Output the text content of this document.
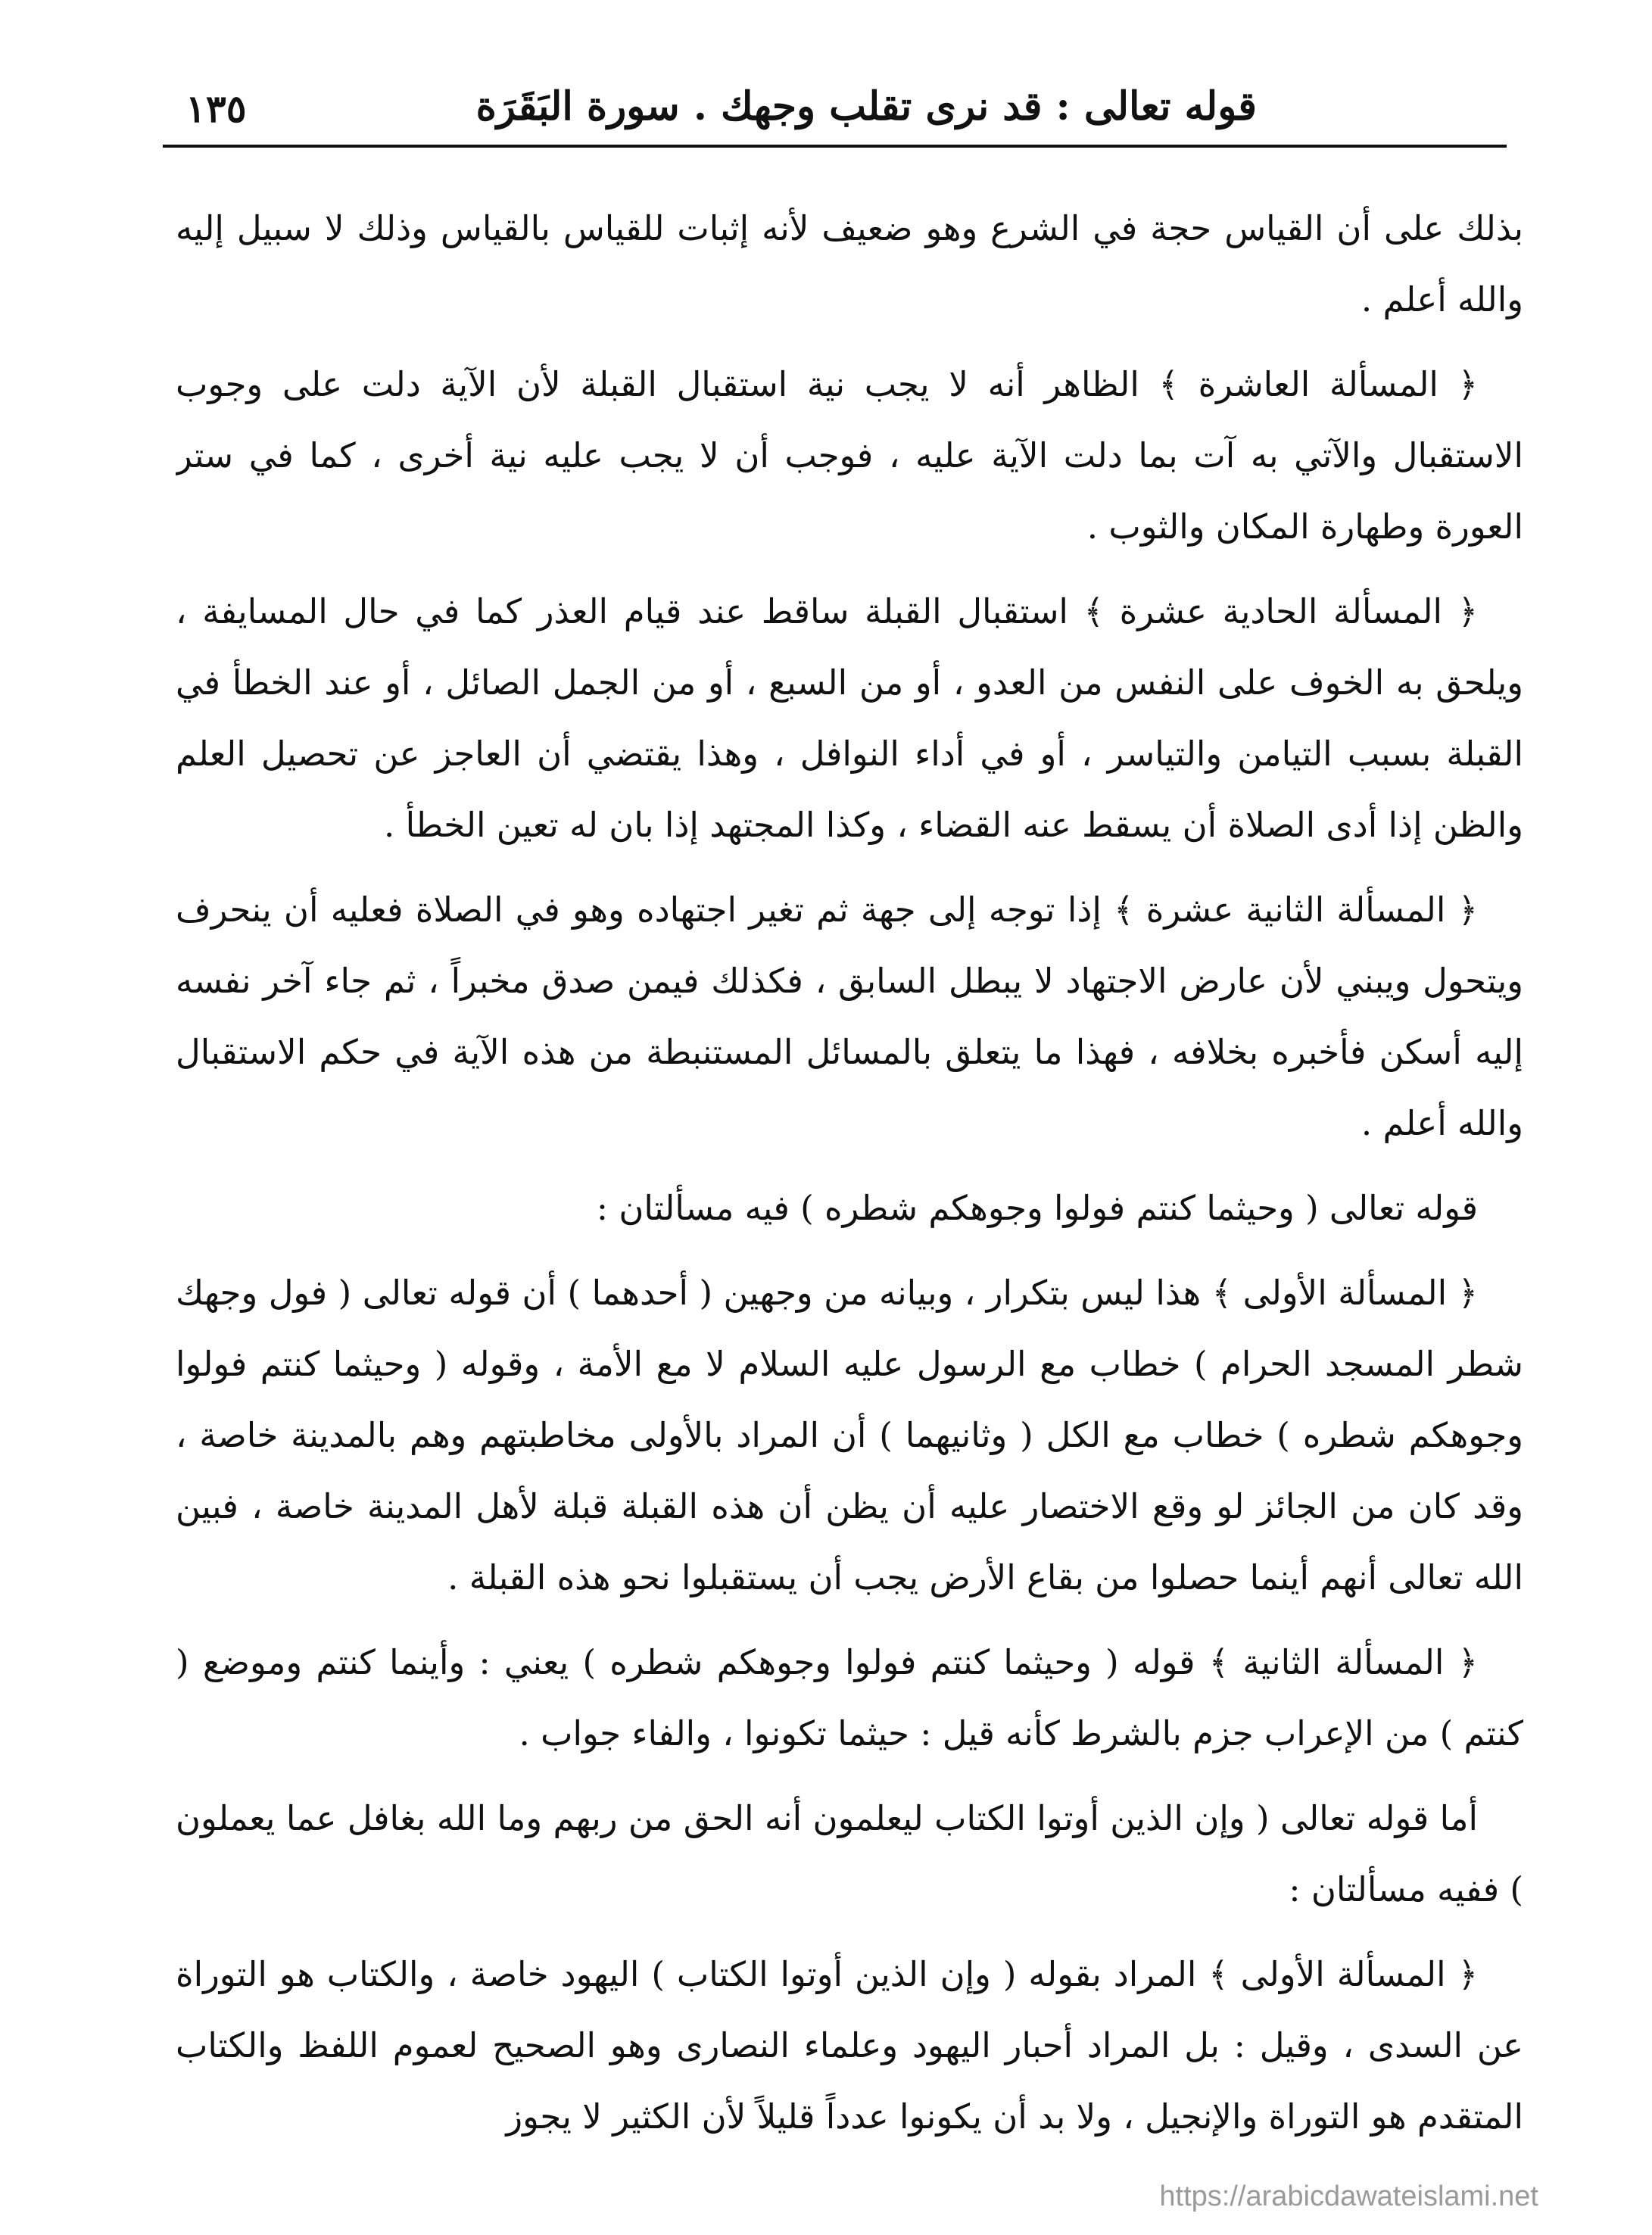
١٣٥	قوله تعالى : قد نرى تقلب وجهك . سورة البَقَرَة

بذلك على أن القياس حجة في الشرع وهو ضعيف لأنه إثبات للقياس بالقياس وذلك لا سبيل إليه والله أعلم .

﴿ المسألة العاشرة ﴾ الظاهر أنه لا يجب نية استقبال القبلة لأن الآية دلت على وجوب الاستقبال والآتي به آت بما دلت الآية عليه ، فوجب أن لا يجب عليه نية أخرى ، كما في ستر العورة وطهارة المكان والثوب .

﴿ المسألة الحادية عشرة ﴾ استقبال القبلة ساقط عند قيام العذر كما في حال المسايفة ، ويلحق به الخوف على النفس من العدو ، أو من السبع ، أو من الجمل الصائل ، أو عند الخطأ في القبلة بسبب التيامن والتياسر ، أو في أداء النوافل ، وهذا يقتضي أن العاجز عن تحصيل العلم والظن إذا أدى الصلاة أن يسقط عنه القضاء ، وكذا المجتهد إذا بان له تعين الخطأ .

﴿ المسألة الثانية عشرة ﴾ إذا توجه إلى جهة ثم تغير اجتهاده وهو في الصلاة فعليه أن ينحرف ويتحول ويبني لأن عارض الاجتهاد لا يبطل السابق ، فكذلك فيمن صدق مخبراً ، ثم جاء آخر نفسه إليه أسكن فأخبره بخلافه ، فهذا ما يتعلق بالمسائل المستنبطة من هذه الآية في حكم الاستقبال والله أعلم .

قوله تعالى ( وحيثما كنتم فولوا وجوهكم شطره ) فيه مسألتان :

﴿ المسألة الأولى ﴾ هذا ليس بتكرار ، وبيانه من وجهين ( أحدهما ) أن قوله تعالى ( فول وجهك شطر المسجد الحرام ) خطاب مع الرسول عليه السلام لا مع الأمة ، وقوله ( وحيثما كنتم فولوا وجوهكم شطره ) خطاب مع الكل ( وثانيهما ) أن المراد بالأولى مخاطبتهم وهم بالمدينة خاصة ، وقد كان من الجائز لو وقع الاختصار عليه أن يظن أن هذه القبلة قبلة لأهل المدينة خاصة ، فبين الله تعالى أنهم أينما حصلوا من بقاع الأرض يجب أن يستقبلوا نحو هذه القبلة .

﴿ المسألة الثانية ﴾ قوله ( وحيثما كنتم فولوا وجوهكم شطره ) يعني : وأينما كنتم وموضع ( كنتم ) من الإعراب جزم بالشرط كأنه قيل : حيثما تكونوا ، والفاء جواب .

أما قوله تعالى ( وإن الذين أوتوا الكتاب ليعلمون أنه الحق من ربهم وما الله بغافل عما يعملون ) ففيه مسألتان :

﴿ المسألة الأولى ﴾ المراد بقوله ( وإن الذين أوتوا الكتاب ) اليهود خاصة ، والكتاب هو التوراة عن السدى ، وقيل : بل المراد أحبار اليهود وعلماء النصارى وهو الصحيح لعموم اللفظ والكتاب المتقدم هو التوراة والإنجيل ، ولا بد أن يكونوا عدداً قليلاً لأن الكثير لا يجوز

https://arabicdawateislami.net
